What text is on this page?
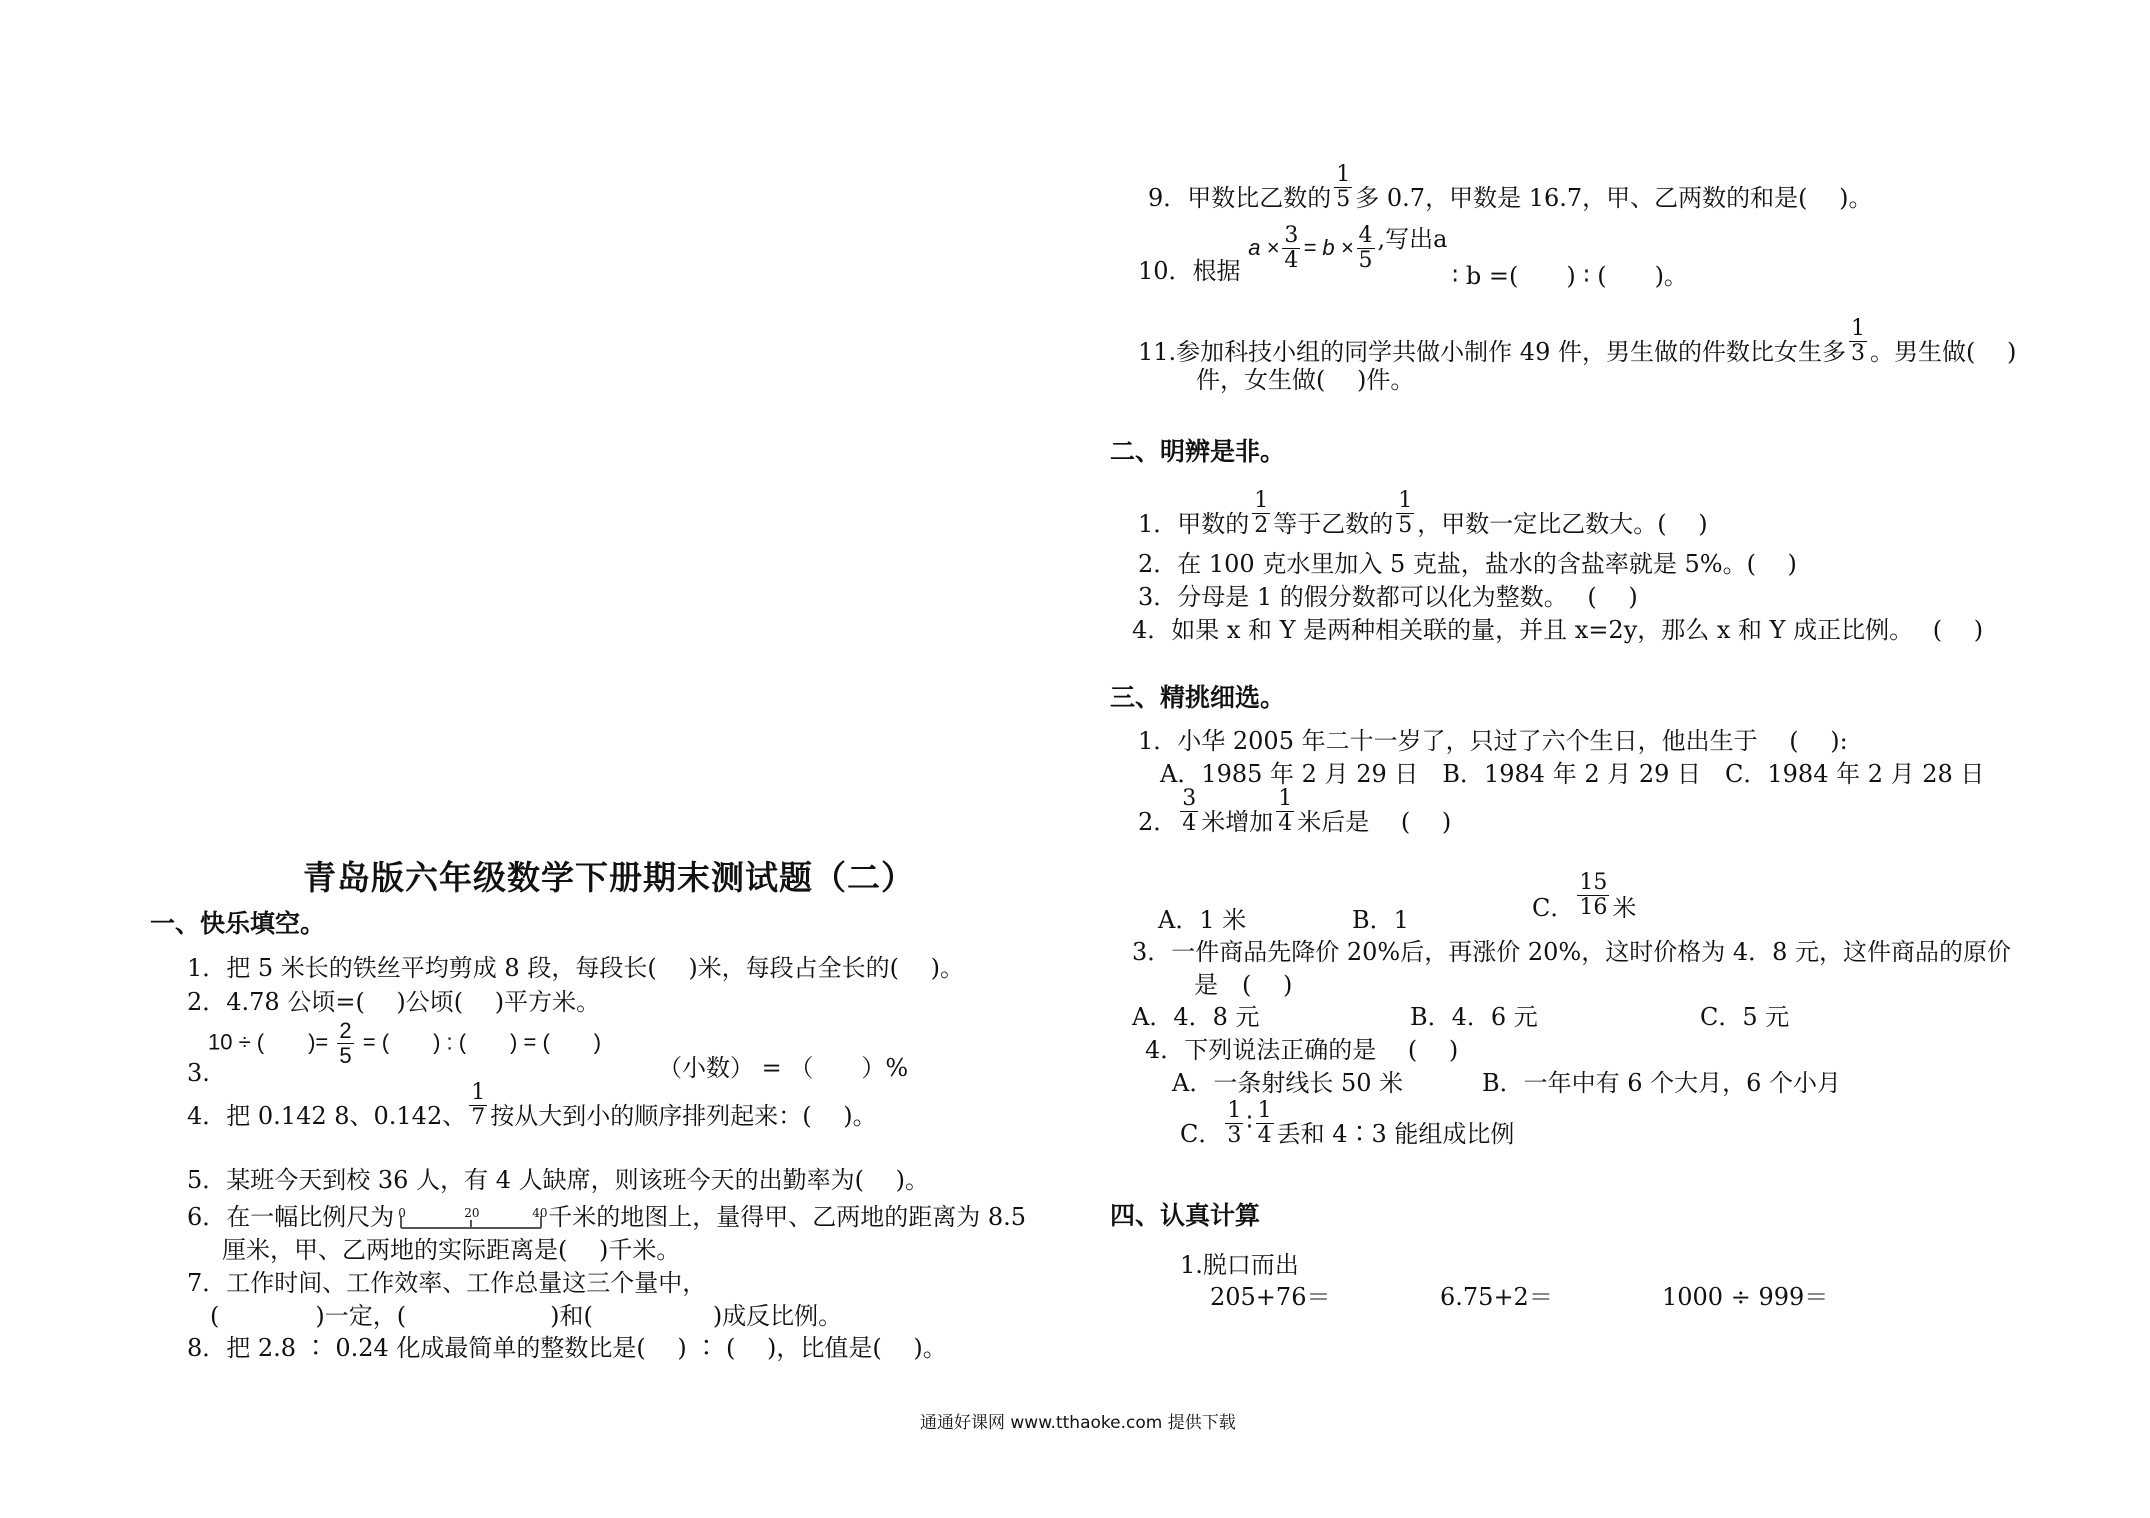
青岛版六年级数学下册期末测试题（二）
一、快乐填空。
1．把 5 米长的铁丝平均剪成 8 段，每段长(　 )米，每段占全长的(　 )。
2．4.78 公顷=(　 )公顷(　 )平方米。
3.
10 ÷ (　　)= $\frac{2}{5}$ = (　　) : (　　) = (　　)
（小数） = （　　）%
4．把 0.142 8、0.142、 $\frac{1}{7}$ 按从大到小的顺序排列起来：(　 )。
5．某班今天到校 36 人，有 4 人缺席，则该班今天的出勤率为(　 )。
6．在一幅比例尺为 0	20	40 千米的地图上，量得甲、乙两地的距离为 8.5
厘米，甲、乙两地的实际距离是(　 )千米。
7．工作时间、工作效率、工作总量这三个量中，
(　　　　)一定，(　　　　　　)和(　　　　　)成反比例。
8．把 2.8 ∶ 0.24 化成最简单的整数比是(　 ) ∶ (　 )，比值是(　 )。
9．甲数比乙数的 $\frac{1}{5}$ 多 0.7，甲数是 16.7，甲、乙两数的和是(　 )。
10．根据 $a \times \frac{3}{4} = b \times \frac{4}{5}$ ,写出a
∶ b =(　　) ∶ (　　)。
11.参加科技小组的同学共做小制作 49 件，男生做的件数比女生多 $\frac{1}{3}$ 。男生做(　 )
件，女生做(　 )件。
二、明辨是非。
1．甲数的 $\frac{1}{2}$ 等于乙数的 $\frac{1}{5}$ ，甲数一定比乙数大。(　 )
2．在 100 克水里加入 5 克盐，盐水的含盐率就是 5%。(　 )
3．分母是 1 的假分数都可以化为整数。　 (　 )
4．如果 x 和 Y 是两种相关联的量，并且 x=2y，那么 x 和 Y 成正比例。　 (　 )
三、精挑细选。
1．小华 2005 年二十一岁了，只过了六个生日，他出生于　 (　 ):
A．1985 年 2 月 29 日　B．1984 年 2 月 29 日　C．1984 年 2 月 28 日
2． $\frac{3}{4}$ 米增加 $\frac{1}{4}$ 米后是　 (　 )
A．1 米	B．1	C． $\frac{15}{16}$ 米
3．一件商品先降价 20%后，再涨价 20%，这时价格为 4．8 元，这件商品的原价
是　(　 )
A．4．8 元	B．4．6 元	C．5 元
4．下列说法正确的是　 (　 )
A．一条射线长 50 米	B．一年中有 6 个大月，6 个小月
C． $\frac{1}{3}$ ∶ $\frac{1}{4}$ 丢和 4∶3 能组成比例
四、认真计算
1.脱口而出
205+76＝	6.75+2＝	1000 ÷ 999＝
通通好课网 www.tthaoke.com 提供下载
